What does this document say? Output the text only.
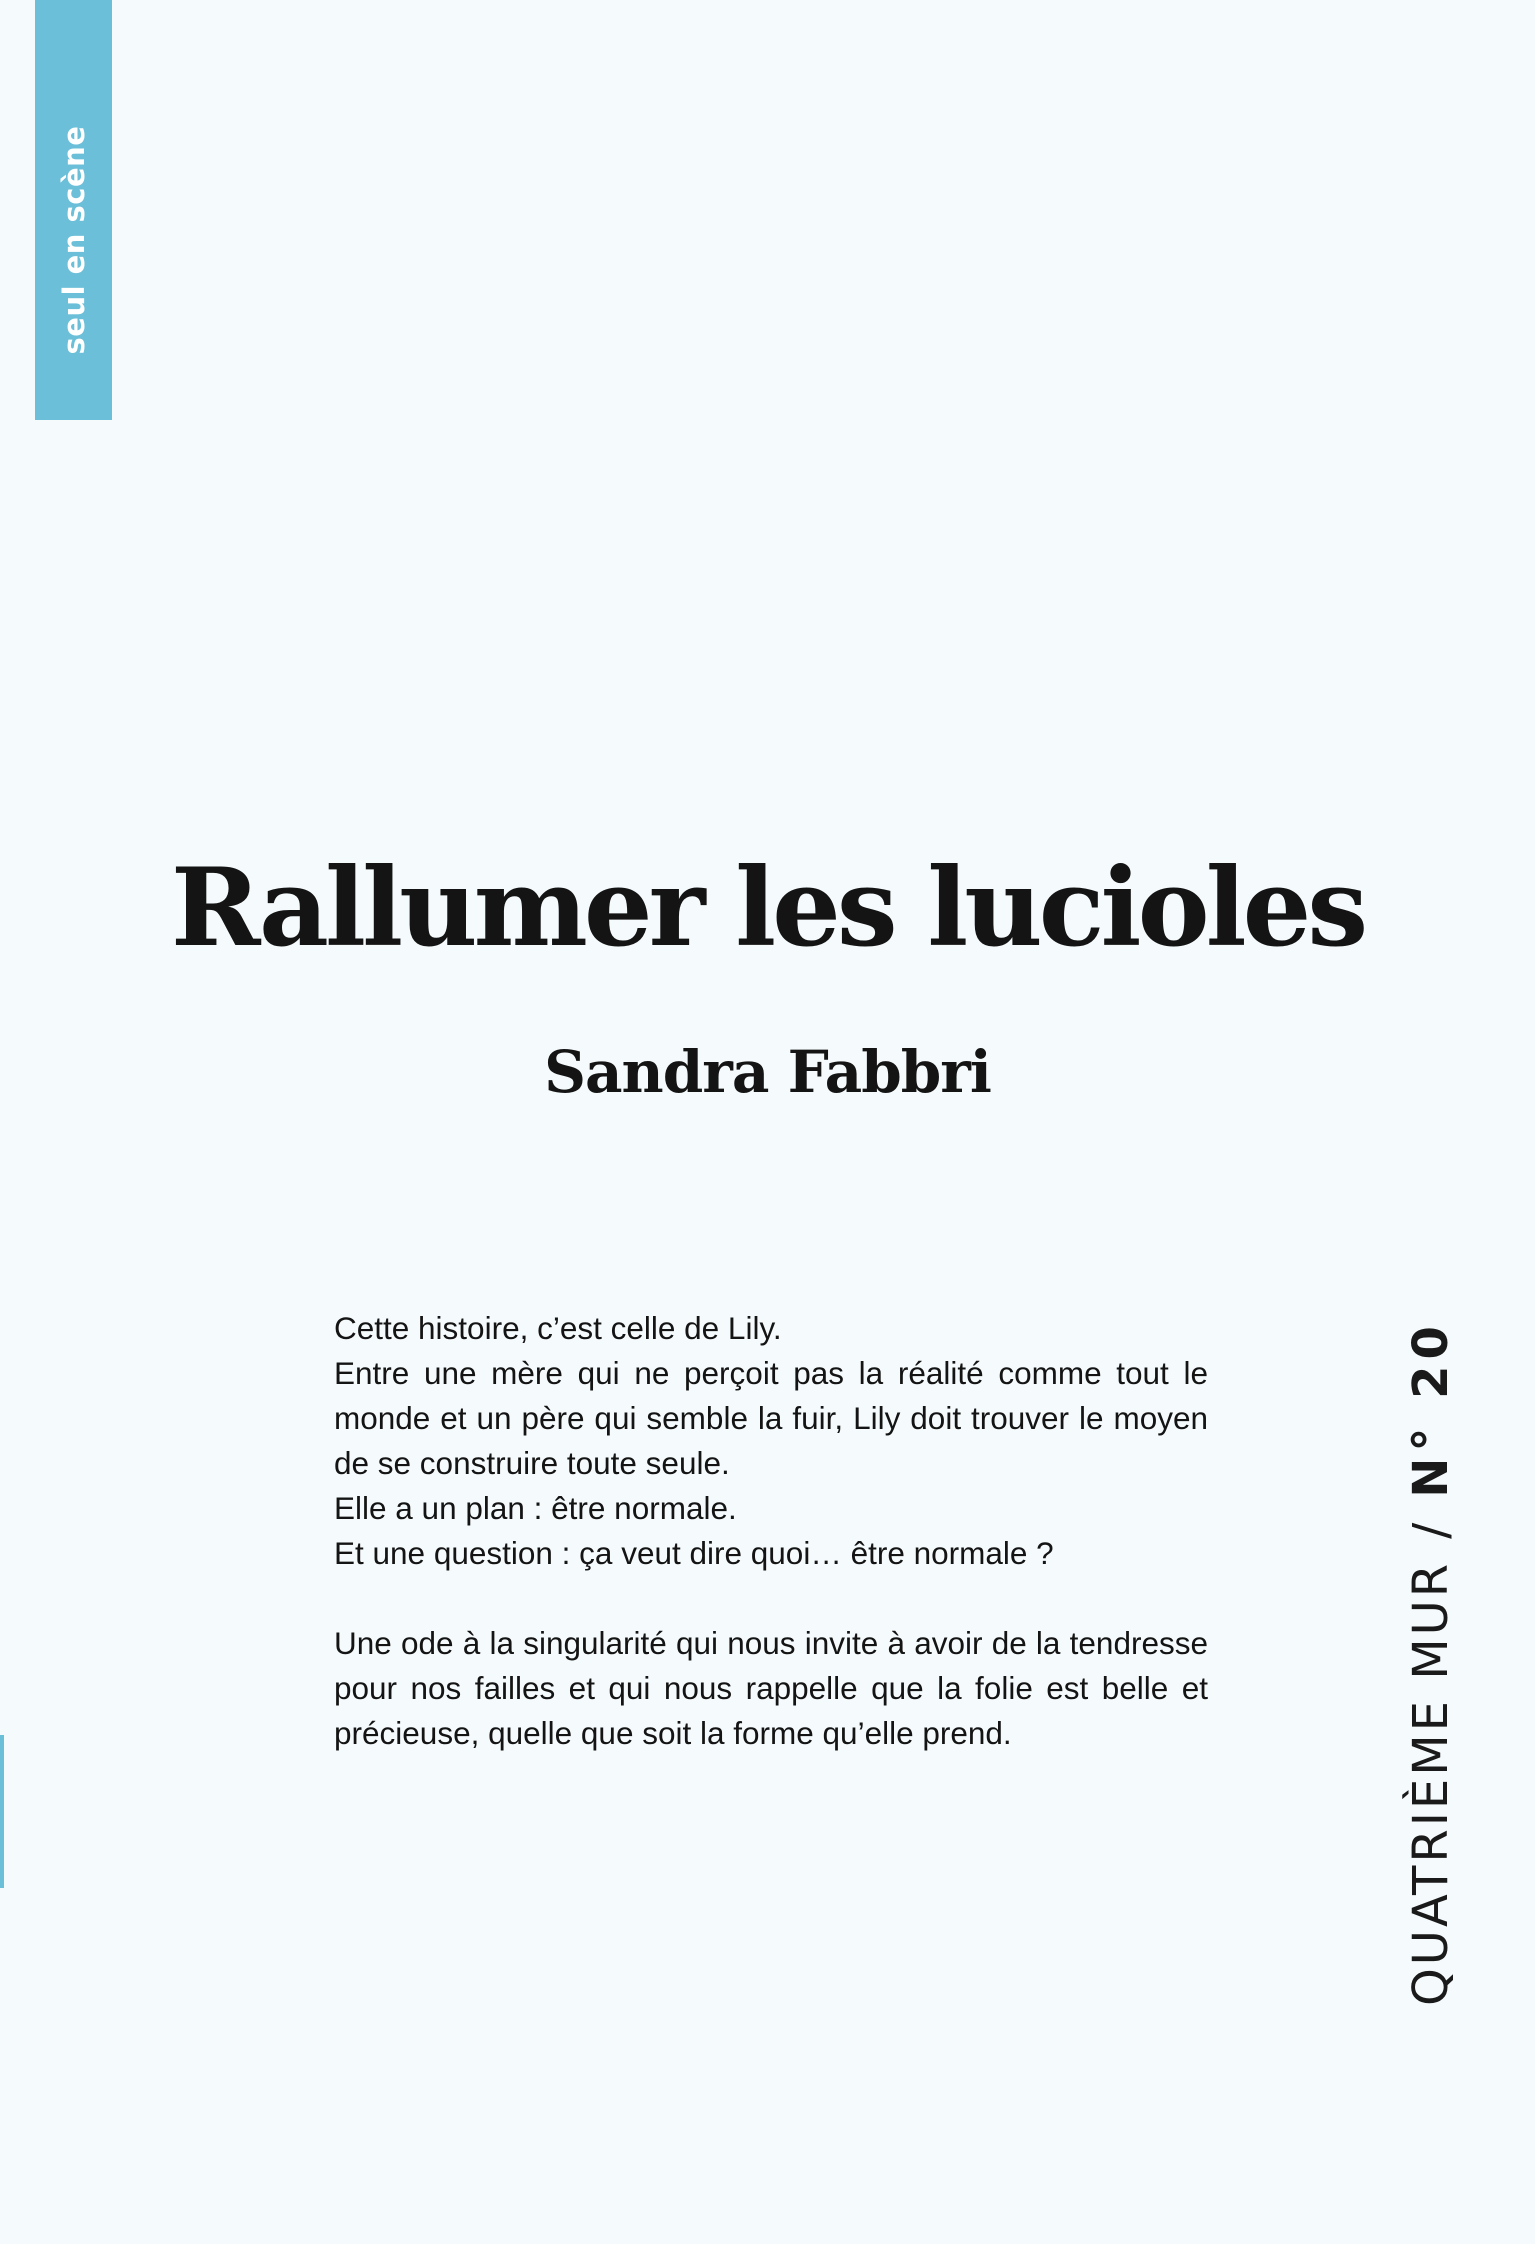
seul en scène
Rallumer les lucioles
Sandra Fabbri

Cette histoire, c’est celle de Lily.

Entre une mère qui ne perçoit pas la réalité comme tout le monde et un père qui semble la fuir, Lily doit trouver le moyen de se construire toute seule.

Elle a un plan : être normale.

Et une question : ça veut dire quoi… être normale ?

Une ode à la singularité qui nous invite à avoir de la tendresse pour nos failles et qui nous rappelle que la folie est belle et précieuse, quelle que soit la forme qu’elle prend.	QUATRIÈME MUR/N° 20
